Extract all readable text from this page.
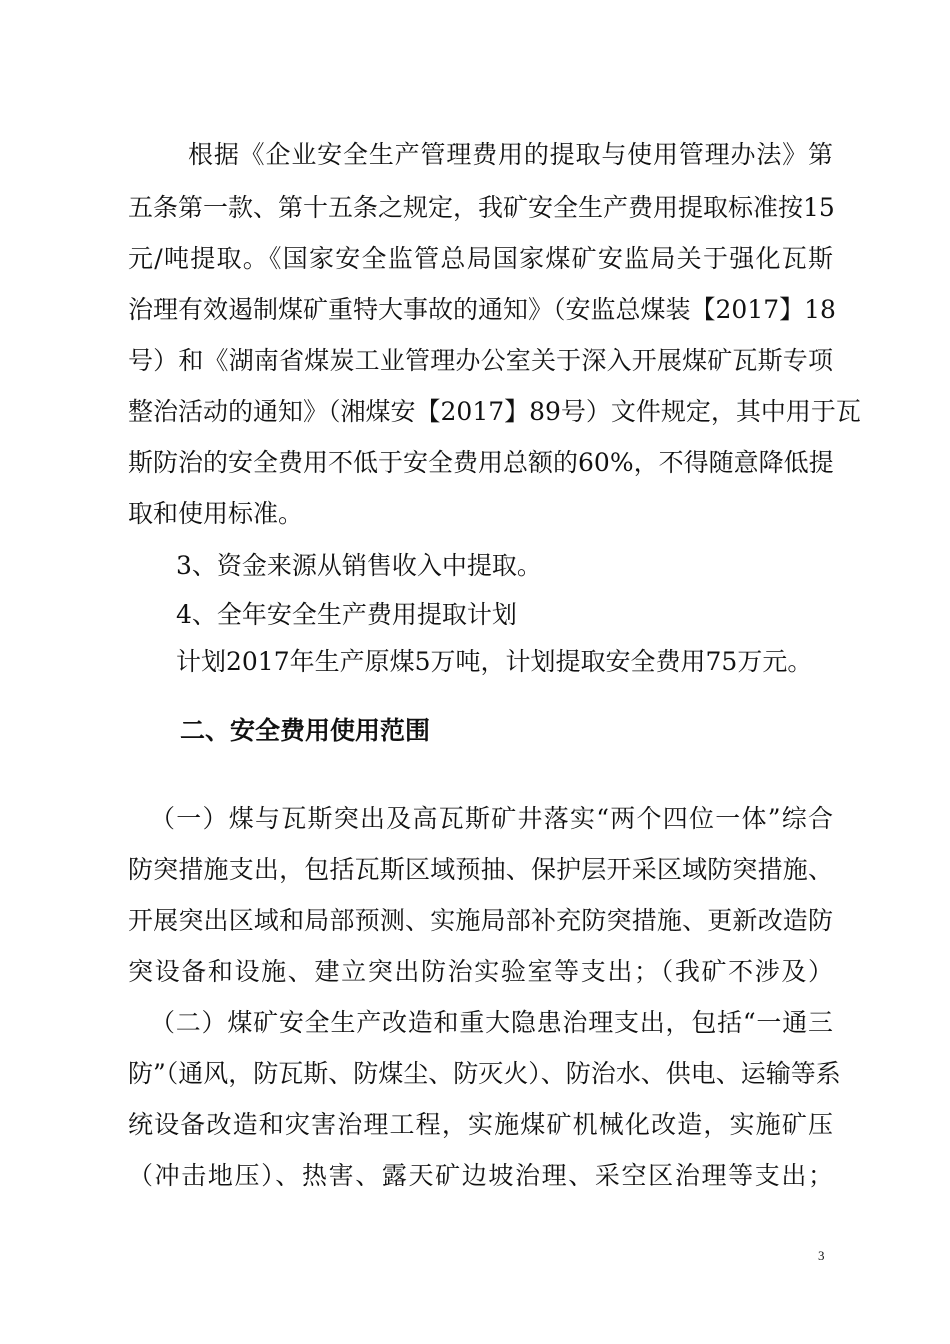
根据《企业安全生产管理费用的提取与使用管理办法》第
五条第一款、第十五条之规定，我矿安全生产费用提取标准按15
元/吨提取。《国家安全监管总局国家煤矿安监局关于强化瓦斯
治理有效遏制煤矿重特大事故的通知》（安监总煤装【2017】18
号）和《湖南省煤炭工业管理办公室关于深入开展煤矿瓦斯专项
整治活动的通知》（湘煤安【2017】89号）文件规定，其中用于瓦
斯防治的安全费用不低于安全费用总额的60%，不得随意降低提
取和使用标准。
3、资金来源从销售收入中提取。
4、全年安全生产费用提取计划
计划2017年生产原煤5万吨，计划提取安全费用75万元。
二、安全费用使用范围
（一）煤与瓦斯突出及高瓦斯矿井落实“两个四位一体”综合
防突措施支出，包括瓦斯区域预抽、保护层开采区域防突措施、
开展突出区域和局部预测、实施局部补充防突措施、更新改造防
突设备和设施、建立突出防治实验室等支出；（我矿不涉及）
（二）煤矿安全生产改造和重大隐患治理支出，包括“一通三
防”（通风，防瓦斯、防煤尘、防灭火）、防治水、供电、运输等系
统设备改造和灾害治理工程，实施煤矿机械化改造，实施矿压
（冲击地压）、热害、露天矿边坡治理、采空区治理等支出；
3
